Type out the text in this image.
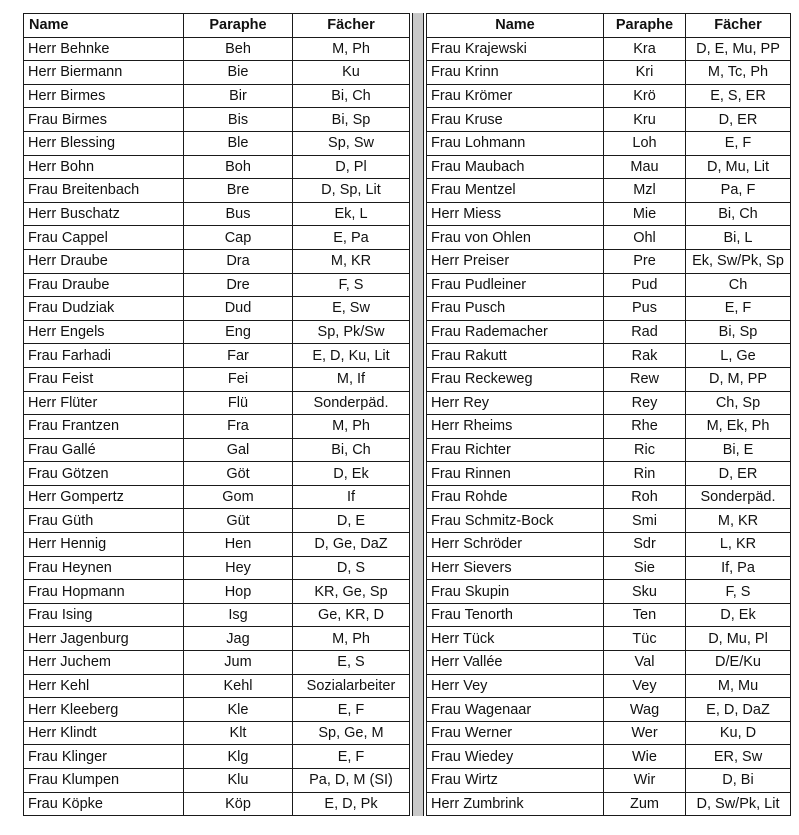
Name	Paraphe	Fächer
Herr Behnke	Beh	M, Ph
Herr Biermann	Bie	Ku
Herr Birmes	Bir	Bi, Ch
Frau Birmes	Bis	Bi, Sp
Herr Blessing	Ble	Sp, Sw
Herr Bohn	Boh	D, Pl
Frau Breitenbach	Bre	D, Sp, Lit
Herr Buschatz	Bus	Ek, L
Frau Cappel	Cap	E, Pa
Herr Draube	Dra	M, KR
Frau Draube	Dre	F, S
Frau Dudziak	Dud	E, Sw
Herr Engels	Eng	Sp, Pk/Sw
Frau Farhadi	Far	E, D, Ku, Lit
Frau Feist	Fei	M, If
Herr Flüter	Flü	Sonderpäd.
Frau Frantzen	Fra	M, Ph
Frau Gallé	Gal	Bi, Ch
Frau Götzen	Göt	D, Ek
Herr Gompertz	Gom	If
Frau Güth	Güt	D, E
Herr Hennig	Hen	D, Ge, DaZ
Frau Heynen	Hey	D, S
Frau Hopmann	Hop	KR, Ge, Sp
Frau Ising	Isg	Ge, KR, D
Herr Jagenburg	Jag	M, Ph
Herr Juchem	Jum	E, S
Herr Kehl	Kehl	Sozialarbeiter
Herr Kleeberg	Kle	E, F
Herr Klindt	Klt	Sp, Ge, M
Frau Klinger	Klg	E, F
Frau Klumpen	Klu	Pa, D, M (SI)
Frau Köpke	Köp	E, D, Pk
Name	Paraphe	Fächer
Frau Krajewski	Kra	D, E, Mu, PP
Frau Krinn	Kri	M, Tc, Ph
Frau Krömer	Krö	E, S, ER
Frau Kruse	Kru	D, ER
Frau Lohmann	Loh	E, F
Frau Maubach	Mau	D, Mu, Lit
Frau Mentzel	Mzl	Pa, F
Herr Miess	Mie	Bi, Ch
Frau von Ohlen	Ohl	Bi, L
Herr Preiser	Pre	Ek, Sw/Pk, Sp
Frau Pudleiner	Pud	Ch
Frau Pusch	Pus	E, F
Frau Rademacher	Rad	Bi, Sp
Frau Rakutt	Rak	L, Ge
Frau Reckeweg	Rew	D, M, PP
Herr Rey	Rey	Ch, Sp
Herr Rheims	Rhe	M, Ek, Ph
Frau Richter	Ric	Bi, E
Frau Rinnen	Rin	D, ER
Frau Rohde	Roh	Sonderpäd.
Frau Schmitz-Bock	Smi	M, KR
Herr Schröder	Sdr	L, KR
Herr Sievers	Sie	If, Pa
Frau Skupin	Sku	F, S
Frau Tenorth	Ten	D, Ek
Herr Tück	Tüc	D, Mu, Pl
Herr Vallée	Val	D/E/Ku
Herr Vey	Vey	M, Mu
Frau Wagenaar	Wag	E, D, DaZ
Frau Werner	Wer	Ku, D
Frau Wiedey	Wie	ER, Sw
Frau Wirtz	Wir	D, Bi
Herr Zumbrink	Zum	D, Sw/Pk, Lit
